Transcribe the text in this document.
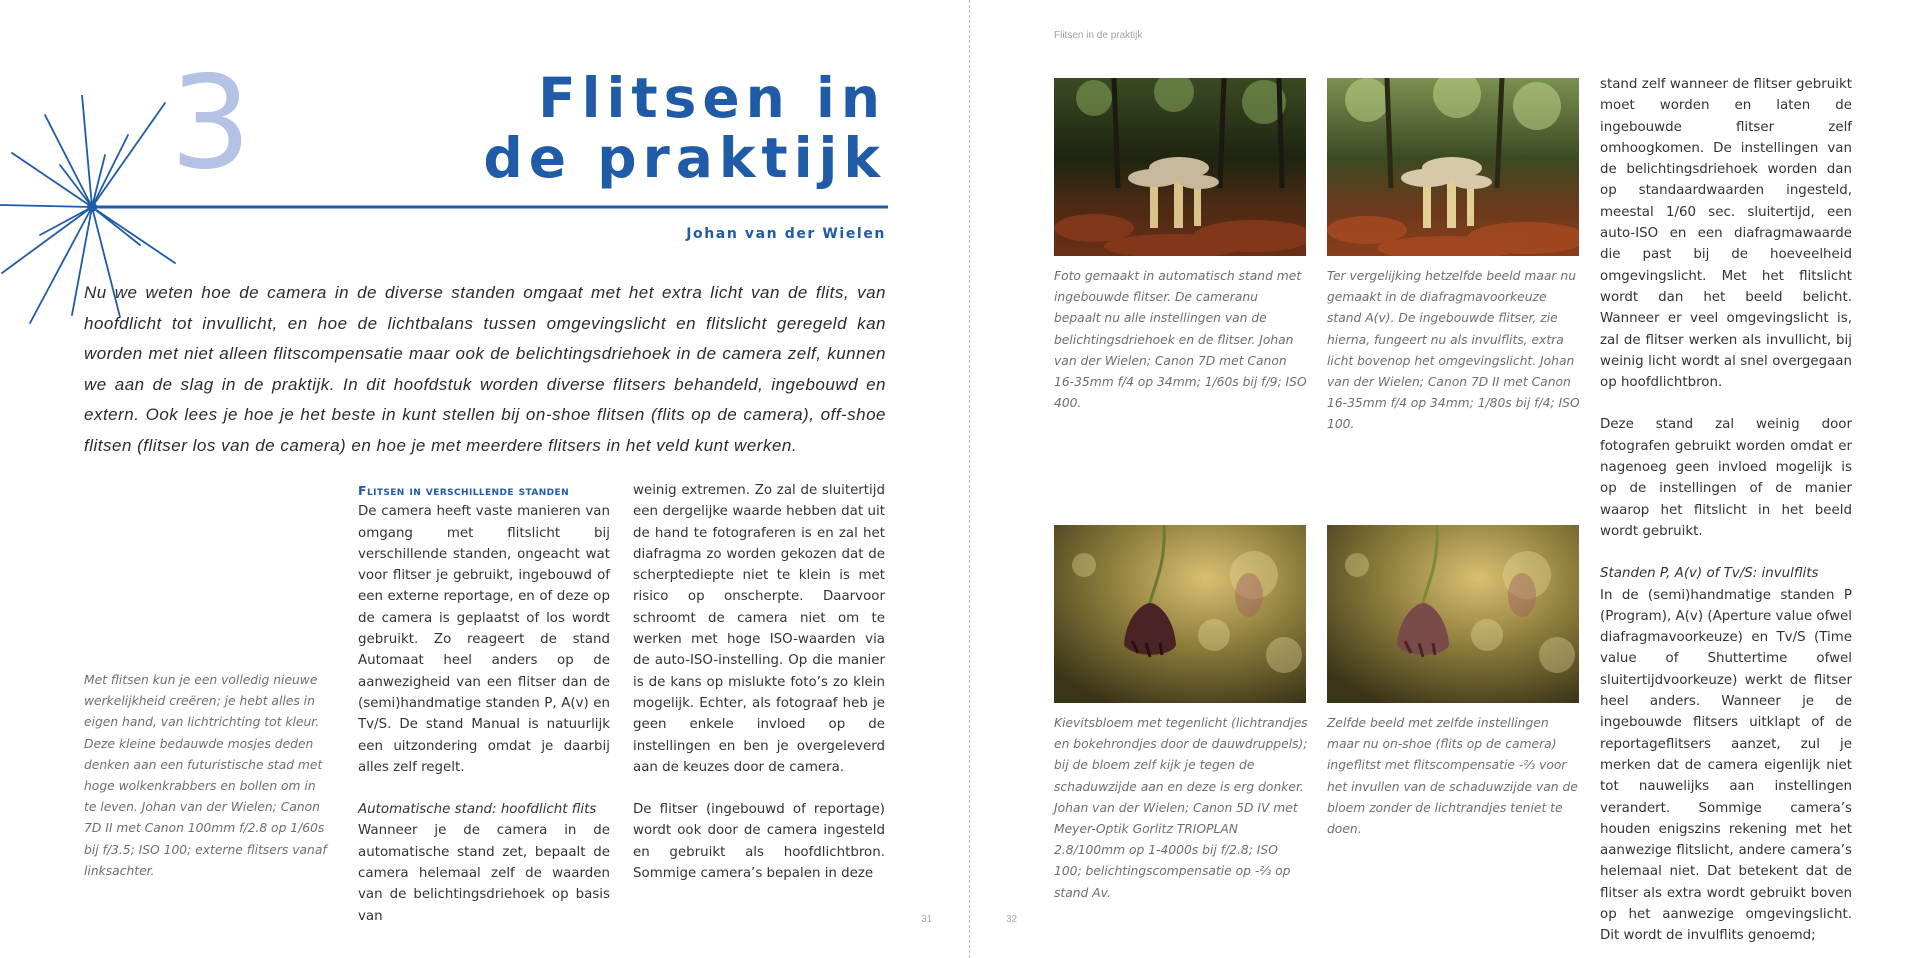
3	Flitsen in
de praktijk
Johan van der Wielen
Nu we weten hoe de camera in de diverse standen omgaat met het extra licht van de flits, van hoofdlicht tot invullicht, en hoe de lichtbalans tussen omgevingslicht en flitslicht geregeld kan worden met niet alleen flitscompensatie maar ook de belichtingsdriehoek in de camera zelf, kunnen we aan de slag in de praktijk. In dit hoofdstuk worden diverse flitsers behandeld, ingebouwd en extern. Ook lees je hoe je het beste in kunt stellen bij on-shoe flitsen (flits op de camera), off-shoe flitsen (flitser los van de camera) en hoe je met meerdere flitsers in het veld kunt werken.
Met flitsen kun je een volledig nieuwe werkelijkheid creëren; je hebt alles in eigen hand, van lichtrichting tot kleur. Deze kleine bedauwde mosjes deden denken aan een futuristische stad met hoge wolkenkrabbers en bollen om in te leven. Johan van der Wielen; Canon 7D II met Canon 100mm f/2.8 op 1/60s bij f/3.5; ISO 100; externe flitsers vanaf linksachter.

Flitsen in verschillende standen

De camera heeft vaste manieren van omgang met flitslicht bij verschillende standen, ongeacht wat voor flitser je gebruikt, ingebouwd of een externe reportage, en of deze op de camera is geplaatst of los wordt gebruikt. Zo reageert de stand Automaat heel anders op de aanwezigheid van een flitser dan de (semi)handmatige standen P, A(v) en Tv/S. De stand Manual is natuurlijk een uitzondering omdat je daarbij alles zelf regelt.

Automatische stand: hoofdlicht flits

Wanneer je de camera in de automatische stand zet, bepaalt de camera helemaal zelf de waarden van de belichtingsdriehoek op basis van

weinig extremen. Zo zal de sluitertijd een dergelijke waarde hebben dat uit de hand te fotograferen is en zal het diafragma zo worden gekozen dat de scherptediepte niet te klein is met risico op onscherpte. Daarvoor schroomt de camera niet om te werken met hoge ISO-waarden via de auto-ISO-instelling. Op die manier is de kans op mislukte foto’s zo klein mogelijk. Echter, als fotograaf heb je geen enkele invloed op de instellingen en ben je overgeleverd aan de keuzes door de camera.

De flitser (ingebouwd of reportage) wordt ook door de camera ingesteld en gebruikt als hoofdlichtbron. Sommige camera’s bepalen in deze

31
Flitsen in de praktijk
Foto gemaakt in automatisch stand met ingebouwde flitser. De cameranu bepaalt nu alle instellingen van de belichtingsdriehoek en de flitser. Johan van der Wielen; Canon 7D met Canon 16-35mm f/4 op 34mm; 1/60s bij f/9; ISO 400.
Ter vergelijking hetzelfde beeld maar nu gemaakt in de diafragmavoorkeuze stand A(v). De ingebouwde flitser, zie hierna, fungeert nu als invulflits, extra licht bovenop het omgevingslicht. Johan van der Wielen; Canon 7D II met Canon 16-35mm f/4 op 34mm; 1/80s bij f/4; ISO 100.
Kievitsbloem met tegenlicht (lichtrandjes en bokehrondjes door de dauwdruppels); bij de bloem zelf kijk je tegen de schaduwzijde aan en deze is erg donker. Johan van der Wielen; Canon 5D IV met Meyer-Optik Gorlitz TRIOPLAN 2.8/100mm op 1-4000s bij f/2.8; ISO 100; belichtingscompensatie op -⅔ op stand Av.
Zelfde beeld met zelfde instellingen maar nu on-shoe (flits op de camera) ingeflitst met flitscompensatie -⅔ voor het invullen van de schaduwzijde van de bloem zonder de lichtrandjes teniet te doen.

stand zelf wanneer de flitser gebruikt moet worden en laten de ingebouwde flitser zelf omhoogkomen. De instellingen van de belichtingsdriehoek worden dan op standaardwaarden ingesteld, meestal 1/60 sec. sluitertijd, een auto-ISO en een diafragmawaarde die past bij de hoeveelheid omgevingslicht. Met het flitslicht wordt dan het beeld belicht. Wanneer er veel omgevingslicht is, zal de flitser werken als invullicht, bij weinig licht wordt al snel overgegaan op hoofdlichtbron.

Deze stand zal weinig door fotografen gebruikt worden omdat er nagenoeg geen invloed mogelijk is op de instellingen of de manier waarop het flitslicht in het beeld wordt gebruikt.

Standen P, A(v) of Tv/S: invulflits

In de (semi)handmatige standen P (Program), A(v) (Aperture value ofwel diafragmavoorkeuze) en Tv/S (Time value of Shuttertime ofwel sluitertijdvoorkeuze) werkt de flitser heel anders. Wanneer je de ingebouwde flitsers uitklapt of de reportageflitsers aanzet, zul je merken dat de camera eigenlijk niet tot nauwelijks aan instellingen verandert. Sommige camera’s houden enigszins rekening met het aanwezige flitslicht, andere camera’s helemaal niet. Dat betekent dat de flitser als extra wordt gebruikt boven op het aanwezige omgevingslicht. Dit wordt de invulflits genoemd;

32
